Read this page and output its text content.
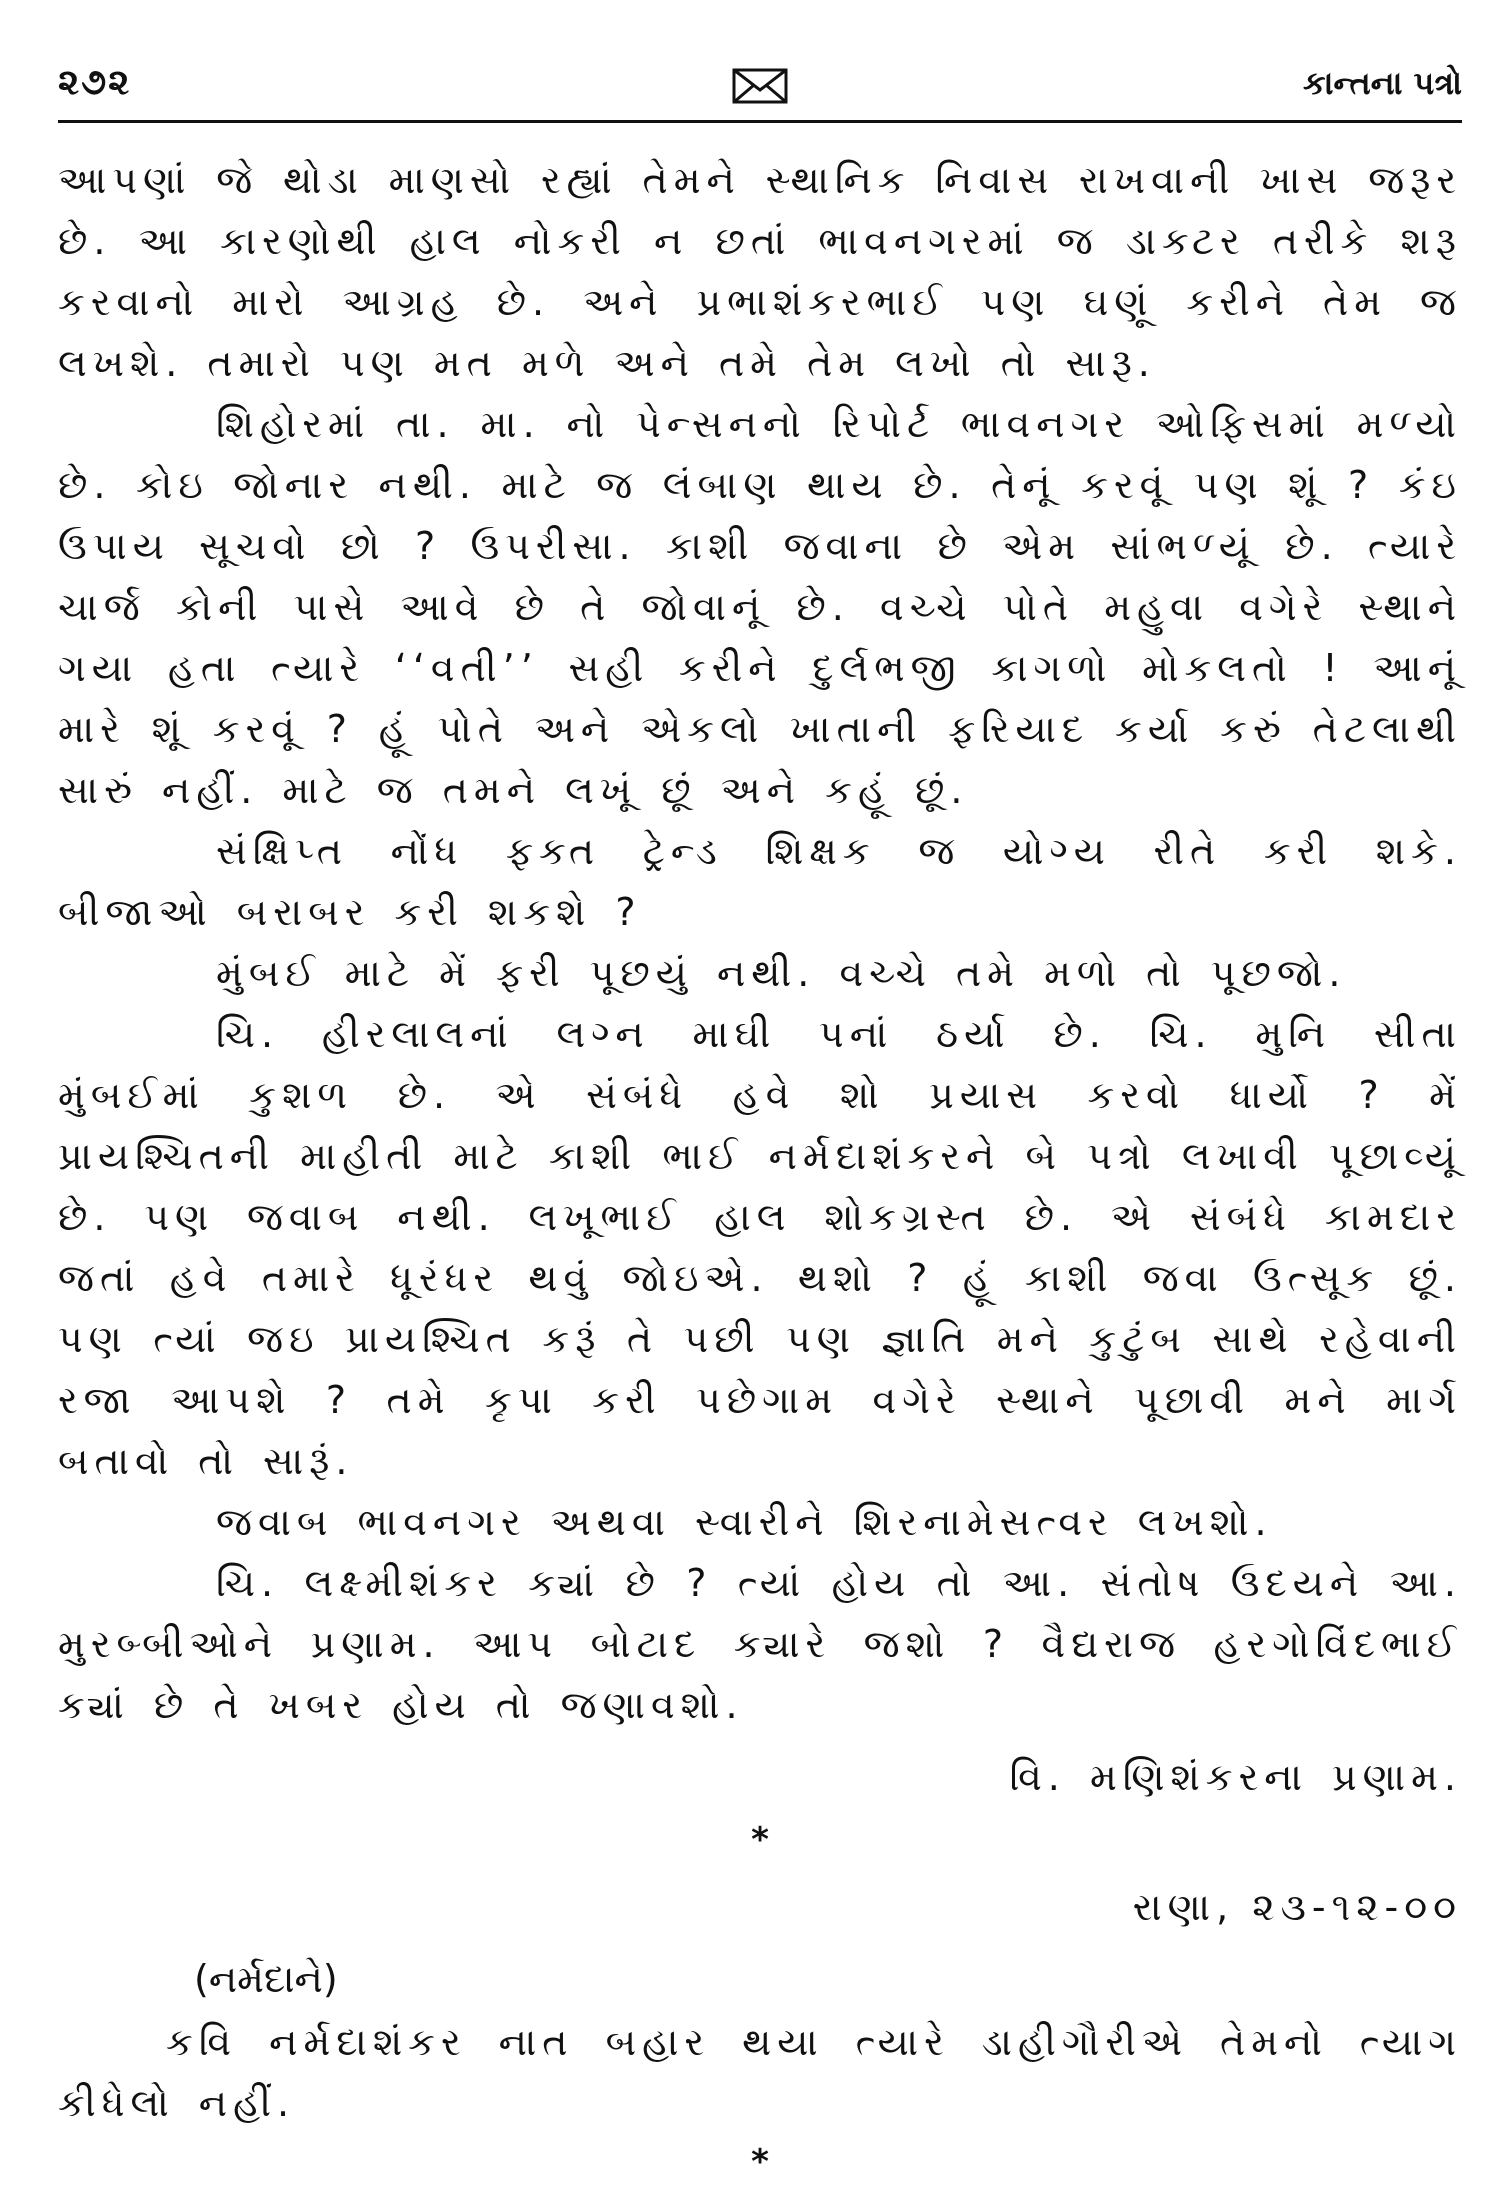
૨૭૨	કાન્તના પત્રો

આપણાં જે થોડા માણસો રહ્યાં તેમને સ્થાનિક નિવાસ રાખવાની ખાસ જરૂર છે. આ કારણોથી હાલ નોકરી ન છતાં ભાવનગરમાં જ ડાક્ટર તરીકે શરૂ કરવાનો મારો આગ્રહ છે. અને પ્રભાશંકરભાઈ પણ ઘણૂં કરીને તેમ જ લખશે. તમારો પણ મત મળે અને તમે તેમ લખો તો સારૂ.

શિહોરમાં તા. મા. નો પેન્સનનો રિપોર્ટ ભાવનગર ઓફિસમાં મળ્યો છે. કોઇ જોનાર નથી. માટે જ લંબાણ થાય છે. તેનૂં કરવૂં પણ શૂં ? કંઇ ઉપાય સૂચવો છો ? ઉપરીસા. કાશી જવાના છે એમ સાંભળ્યૂં છે. ત્યારે ચાર્જ કોની પાસે આવે છે તે જોવાનૂં છે. વચ્ચે પોતે મહુવા વગેરે સ્થાને ગયા હતા ત્યારે ‘‘વતી’’ સહી કરીને દુર્લભજી કાગળો મોકલતો ! આનૂં મારે શૂં કરવૂં ? હૂં પોતે અને એકલો ખાતાની ફરિયાદ કર્યા કરું તેટલાથી સારું નહીં. માટે જ તમને લખૂં છૂં અને કહૂં છૂં.

સંક્ષિપ્ત નોંધ ફક્ત ટ્રેન્ડ શિક્ષક જ યોગ્ય રીતે કરી શકે. બીજાઓ બરાબર કરી શકશે ?

મુંબઈ માટે મેં ફરી પૂછયું નથી. વચ્ચે તમે મળો તો પૂછજો.

ચિ. હીરલાલનાં લગ્ન માઘી પનાં ઠર્યા છે. ચિ. મુનિ સીતા મુંબઈમાં કુશળ છે. એ સંબંધે હવે શો પ્રયાસ કરવો ધાર્યો ? મેં પ્રાયશ્ચિતની માહીતી માટે કાશી ભાઈ નર્મદાશંકરને બે પત્રો લખાવી પૂછાવ્યૂં છે. પણ જવાબ નથી. લખૂભાઈ હાલ શોકગ્રસ્ત છે. એ સંબંધે કામદાર જતાં હવે તમારે ધૂરંધર થવું જોઇએ. થશો ? હૂં કાશી જવા ઉત્સૂક છૂં. પણ ત્યાં જઇ પ્રાયશ્ચિત કરૂં તે પછી પણ જ્ઞાતિ મને કુટુંબ સાથે રહેવાની રજા આપશે ? તમે કૃપા કરી પછેગામ વગેરે સ્થાને પૂછાવી મને માર્ગ બતાવો તો સારૂં.

જવાબ ભાવનગર અથવા સ્વારીને શિરનામેસત્વર લખશો.

ચિ. લક્ષ્મીશંકર ક્યાં છે ? ત્યાં હોય તો આ. સંતોષ ઉદયને આ. મુરબ્બીઓને પ્રણામ. આપ બોટાદ ક્યારે જશો ? વૈદ્યરાજ હરગોવિંદભાઈ ક્યાં છે તે ખબર હોય તો જણાવશો.

વિ. મણિશંકરના પ્રણામ.

*

રાણા, ૨૩-૧૨-૦૦

(નર્મદાને)

કવિ નર્મદાશંકર નાત બહાર થયા ત્યારે ડાહીગૌરીએ તેમનો ત્યાગ કીધેલો નહીં.

*
